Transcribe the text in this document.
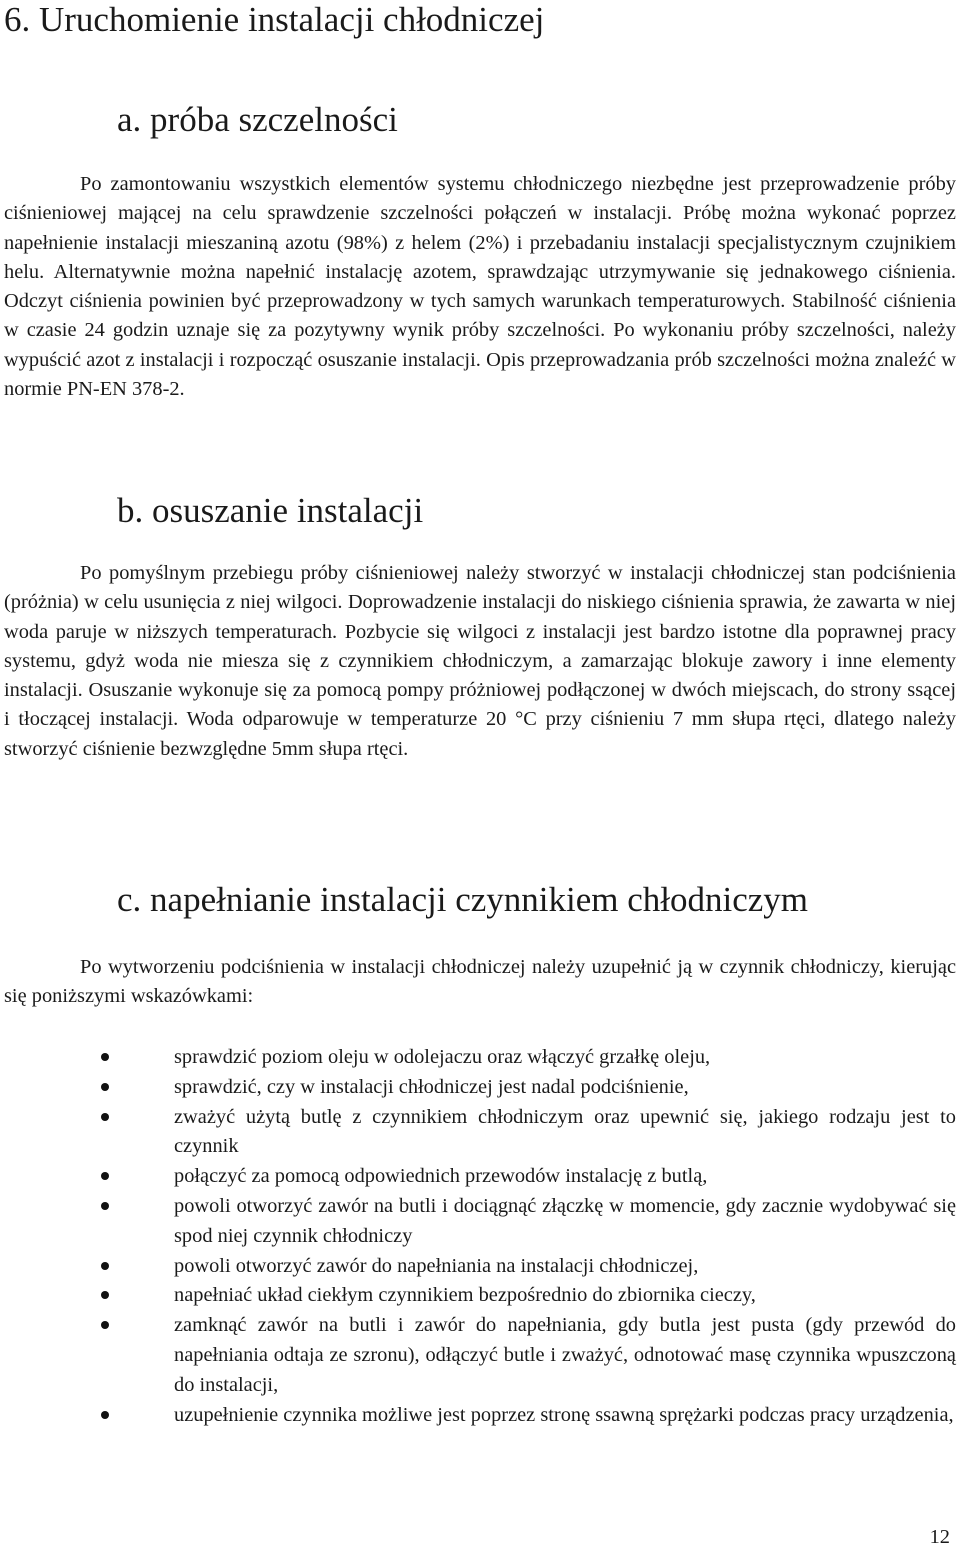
6. Uruchomienie instalacji chłodniczej
a. próba szczelności

Po zamontowaniu wszystkich elementów systemu chłodniczego niezbędne jest przeprowadzenie próby ciśnieniowej mającej na celu sprawdzenie szczelności połączeń w instalacji. Próbę można wykonać poprzez napełnienie instalacji mieszaniną azotu (98%) z helem (2%) i przebadaniu instalacji specjalistycznym czujnikiem helu. Alternatywnie można napełnić instalację azotem, sprawdzając utrzymywanie się jednakowego ciśnienia. Odczyt ciśnienia powinien być przeprowadzony w tych samych warunkach temperaturowych. Stabilność ciśnienia w czasie 24 godzin uznaje się za pozytywny wynik próby szczelności. Po wykonaniu próby szczelności, należy wypuścić azot z instalacji i rozpocząć osuszanie instalacji. Opis przeprowadzania prób szczelności można znaleźć w normie PN-EN 378-2.

b. osuszanie instalacji

Po pomyślnym przebiegu próby ciśnieniowej należy stworzyć w instalacji chłodniczej stan podciśnienia (próżnia) w celu usunięcia z niej wilgoci. Doprowadzenie instalacji do niskiego ciśnienia sprawia, że zawarta w niej woda paruje w niższych temperaturach. Pozbycie się wilgoci z instalacji jest bardzo istotne dla poprawnej pracy systemu, gdyż woda nie miesza się z czynnikiem chłodniczym, a zamarzając blokuje zawory i inne elementy instalacji. Osuszanie wykonuje się za pomocą pompy próżniowej podłączonej w dwóch miejscach, do strony ssącej i tłoczącej instalacji. Woda odparowuje w temperaturze 20 °C przy ciśnieniu 7 mm słupa rtęci, dlatego należy stworzyć ciśnienie bezwzględne 5mm słupa rtęci.

c. napełnianie instalacji czynnikiem chłodniczym

Po wytworzeniu podciśnienia w instalacji chłodniczej należy uzupełnić ją w czynnik chłodniczy, kierując się poniższymi wskazówkami:

sprawdzić poziom oleju w odolejaczu oraz włączyć grzałkę oleju,
sprawdzić, czy w instalacji chłodniczej jest nadal podciśnienie,
zważyć użytą butlę z czynnikiem chłodniczym oraz upewnić się, jakiego rodzaju jest to czynnik
połączyć za pomocą odpowiednich przewodów instalację z butlą,
powoli otworzyć zawór na butli i dociągnąć złączkę w momencie, gdy zacznie wydobywać się spod niej czynnik chłodniczy
powoli otworzyć zawór do napełniania na instalacji chłodniczej,
napełniać układ ciekłym czynnikiem bezpośrednio do zbiornika cieczy,
zamknąć zawór na butli i zawór do napełniania, gdy butla jest pusta (gdy przewód do napełniania odtaja ze szronu), odłączyć butle i zważyć, odnotować masę czynnika wpuszczoną do instalacji,
uzupełnienie czynnika możliwe jest poprzez stronę ssawną sprężarki podczas pracy urządzenia,
12
